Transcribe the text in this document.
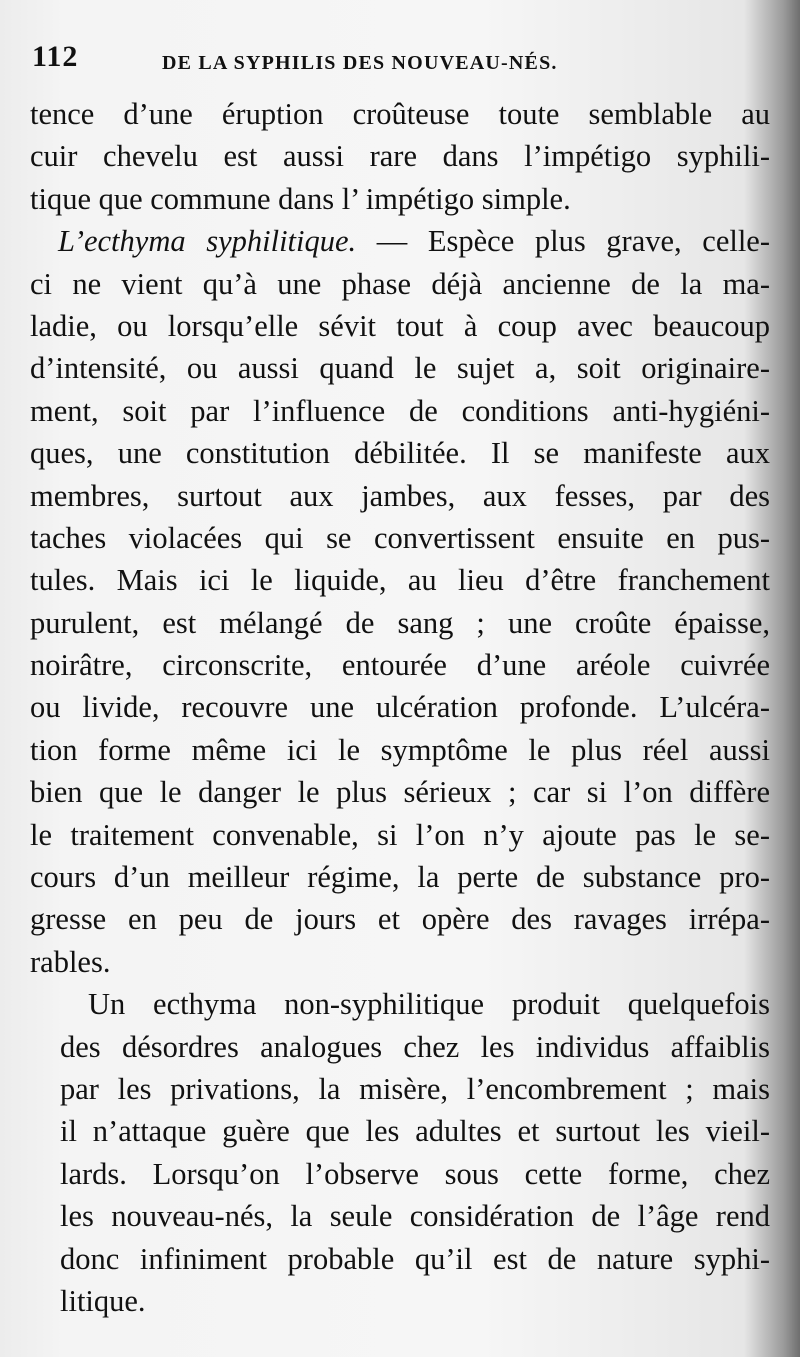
112	DE LA SYPHILIS DES NOUVEAU-NÉS.
tence d’une éruption croûteuse toute semblable au
cuir chevelu est aussi rare dans l’impétigo syphili-
tique que commune dans l’ impétigo simple.
L’ecthyma syphilitique. — Espèce plus grave, celle-
ci ne vient qu’à une phase déjà ancienne de la ma-
ladie, ou lorsqu’elle sévit tout à coup avec beaucoup
d’intensité, ou aussi quand le sujet a, soit originaire-
ment, soit par l’influence de conditions anti-hygiéni-
ques, une constitution débilitée. Il se manifeste aux
membres, surtout aux jambes, aux fesses, par des
taches violacées qui se convertissent ensuite en pus-
tules. Mais ici le liquide, au lieu d’être franchement
purulent, est mélangé de sang ; une croûte épaisse,
noirâtre, circonscrite, entourée d’une aréole cuivrée
ou livide, recouvre une ulcération profonde. L’ulcéra-
tion forme même ici le symptôme le plus réel aussi
bien que le danger le plus sérieux ; car si l’on diffère
le traitement convenable, si l’on n’y ajoute pas le se-
cours d’un meilleur régime, la perte de substance pro-
gresse en peu de jours et opère des ravages irrépa-
rables.
Un ecthyma non-syphilitique produit quelquefois
des désordres analogues chez les individus affaiblis
par les privations, la misère, l’encombrement ; mais
il n’attaque guère que les adultes et surtout les vieil-
lards. Lorsqu’on l’observe sous cette forme, chez
les nouveau-nés, la seule considération de l’âge rend
donc infiniment probable qu’il est de nature syphi-
litique.
